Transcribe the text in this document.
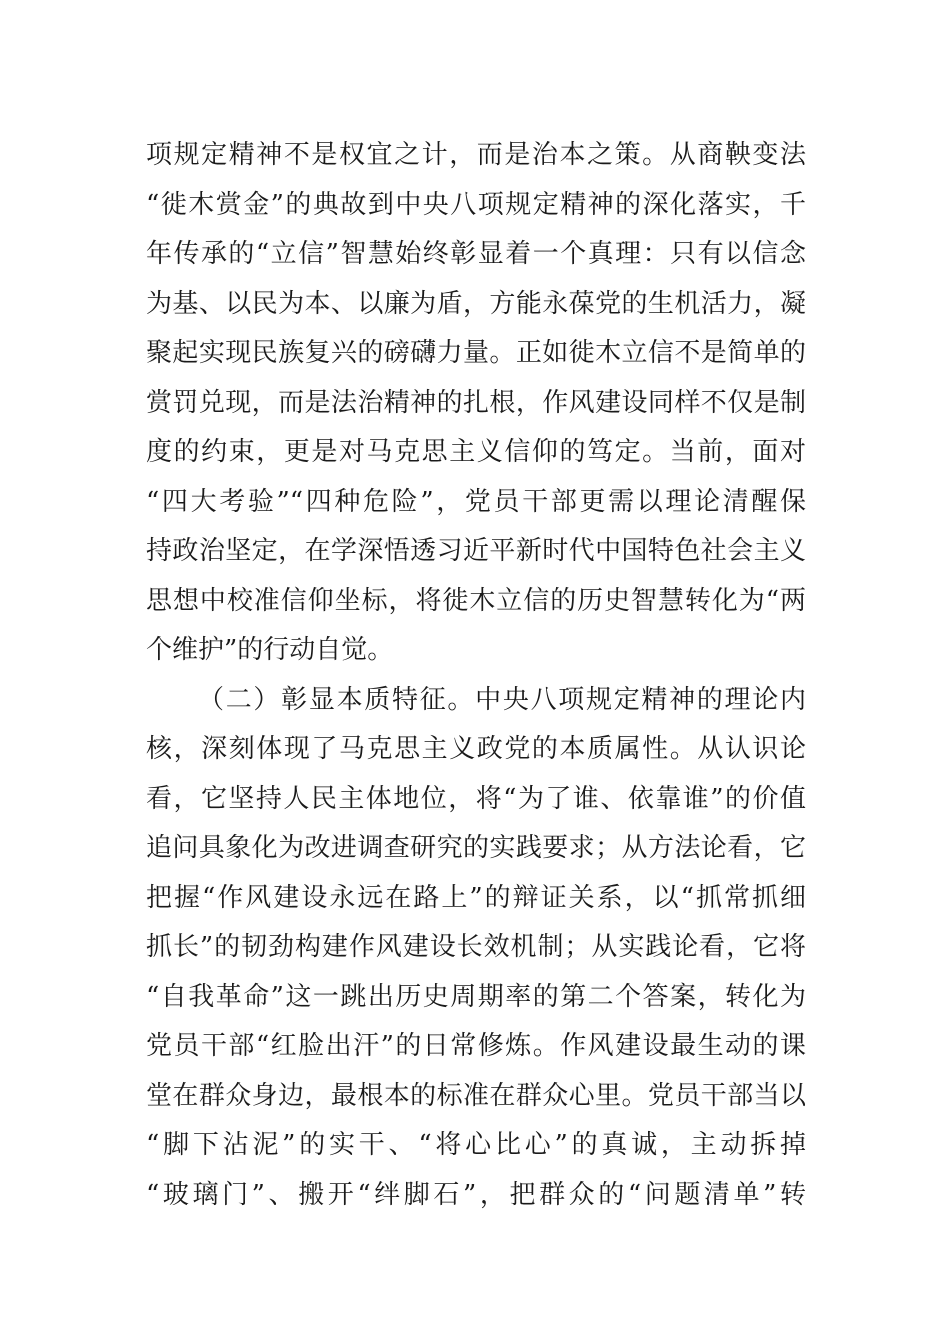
项规定精神不是权宜之计，而是治本之策。从商鞅变法
“徙木赏金”的典故到中央八项规定精神的深化落实，千
年传承的“立信”智慧始终彰显着一个真理：只有以信念
为基、以民为本、以廉为盾，方能永葆党的生机活力，凝
聚起实现民族复兴的磅礴力量。正如徙木立信不是简单的
赏罚兑现，而是法治精神的扎根，作风建设同样不仅是制
度的约束，更是对马克思主义信仰的笃定。当前，面对
“四大考验”“四种危险”，党员干部更需以理论清醒保
持政治坚定，在学深悟透习近平新时代中国特色社会主义
思想中校准信仰坐标，将徙木立信的历史智慧转化为“两
个维护”的行动自觉。
（二）彰显本质特征。中央八项规定精神的理论内
核，深刻体现了马克思主义政党的本质属性。从认识论
看，它坚持人民主体地位，将“为了谁、依靠谁”的价值
追问具象化为改进调查研究的实践要求；从方法论看，它
把握“作风建设永远在路上”的辩证关系，以“抓常抓细
抓长”的韧劲构建作风建设长效机制；从实践论看，它将
“自我革命”这一跳出历史周期率的第二个答案，转化为
党员干部“红脸出汗”的日常修炼。作风建设最生动的课
堂在群众身边，最根本的标准在群众心里。党员干部当以
“脚下沾泥”的实干、“将心比心”的真诚，主动拆掉
“玻璃门”、搬开“绊脚石”，把群众的“问题清单”转
